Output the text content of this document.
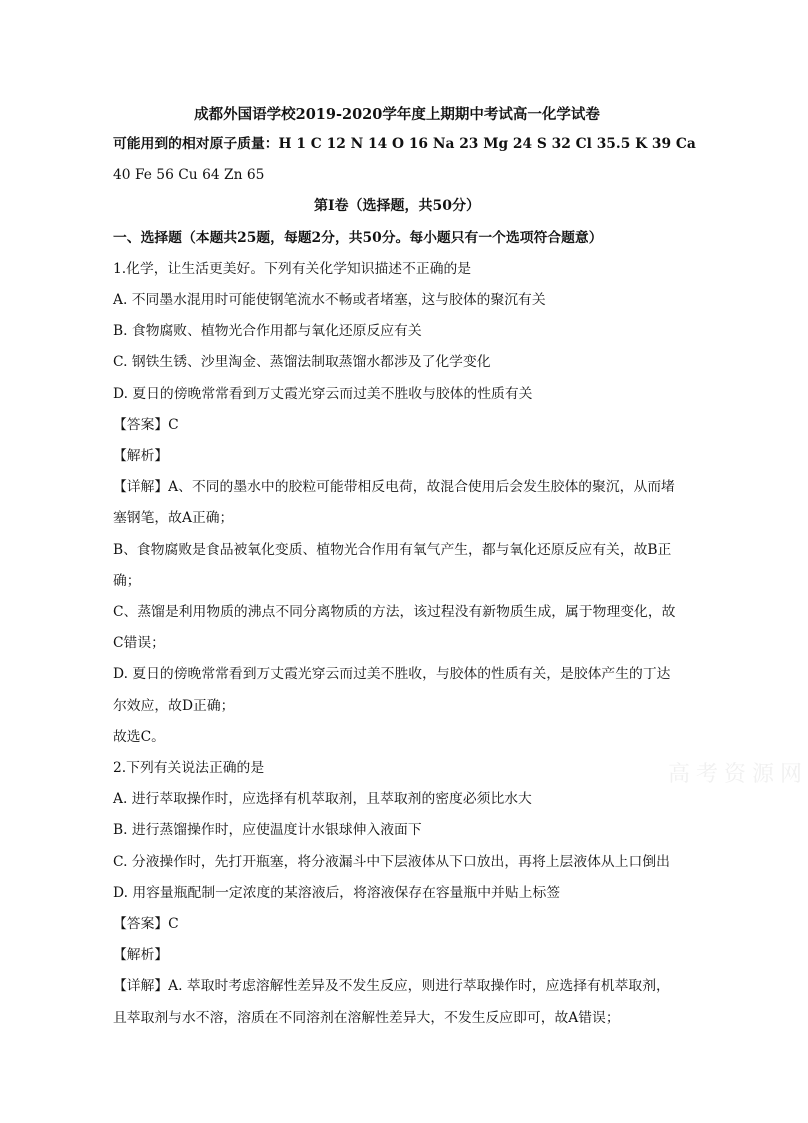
成都外国语学校2019-2020学年度上期期中考试高一化学试卷
可能用到的相对原子质量：H 1 C 12 N 14 O 16 Na 23 Mg 24 S 32 Cl 35.5 K 39 Ca
40 Fe 56 Cu 64 Zn 65
第Ⅰ卷（选择题，共50分）
一、选择题（本题共25题，每题2分，共50分。每小题只有一个选项符合题意）
1.化学，让生活更美好。下列有关化学知识描述不正确的是
A. 不同墨水混用时可能使钢笔流水不畅或者堵塞，这与胶体的聚沉有关
B. 食物腐败、植物光合作用都与氧化还原反应有关
C. 钢铁生锈、沙里淘金、蒸馏法制取蒸馏水都涉及了化学变化
D. 夏日的傍晚常常看到万丈霞光穿云而过美不胜收与胶体的性质有关
【答案】C
【解析】
【详解】A、不同的墨水中的胶粒可能带相反电荷，故混合使用后会发生胶体的聚沉，从而堵
塞钢笔，故A正确；
B、食物腐败是食品被氧化变质、植物光合作用有氧气产生，都与氧化还原反应有关，故B正
确；
C、蒸馏是利用物质的沸点不同分离物质的方法，该过程没有新物质生成，属于物理变化，故
C错误；
D. 夏日的傍晚常常看到万丈霞光穿云而过美不胜收，与胶体的性质有关，是胶体产生的丁达
尔效应，故D正确；
故选C。
2.下列有关说法正确的是
A. 进行萃取操作时，应选择有机萃取剂，且萃取剂的密度必须比水大
B. 进行蒸馏操作时，应使温度计水银球伸入液面下
C. 分液操作时，先打开瓶塞，将分液漏斗中下层液体从下口放出，再将上层液体从上口倒出
D. 用容量瓶配制一定浓度的某溶液后，将溶液保存在容量瓶中并贴上标签
【答案】C
【解析】
【详解】A. 萃取时考虑溶解性差异及不发生反应，则进行萃取操作时，应选择有机萃取剂，
且萃取剂与水不溶，溶质在不同溶剂在溶解性差异大，不发生反应即可，故A错误；
高考资源网
